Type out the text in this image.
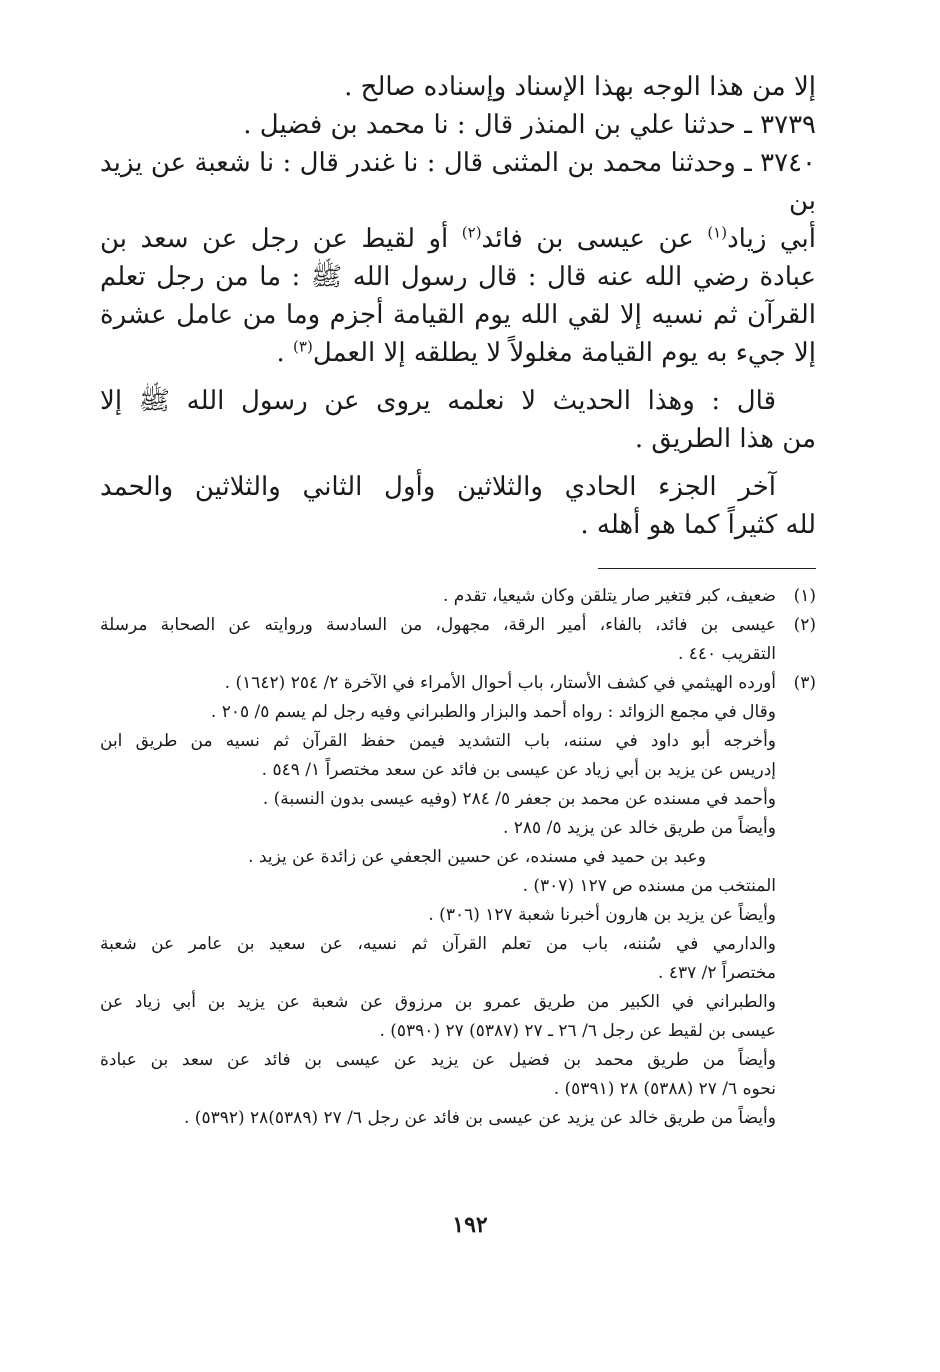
إلا من هذا الوجه بهذا الإسناد وإسناده صالح .

٣٧٣٩ ـ حدثنا علي بن المنذر قال : نا محمد بن فضيل .

٣٧٤٠ ـ وحدثنا محمد بن المثنى قال : نا غندر قال : نا شعبة عن يزيد بن
أبي زياد$^{(١)}$ عن عيسى بن فائد$^{(٢)}$ أو لقيط عن رجل عن سعد بن
عبادة رضي الله عنه قال : قال رسول الله ﷺ : ما من رجل تعلم
القرآن ثم نسيه إلا لقي الله يوم القيامة أجزم وما من عامل عشرة
إلا جيء به يوم القيامة مغلولاً لا يطلقه إلا العمل$^{(٣)}$ .

قال : وهذا الحديث لا نعلمه يروى عن رسول الله ﷺ إلا
من هذا الطريق .

آخر الجزء الحادي والثلاثين وأول الثاني والثلاثين والحمد
لله كثيراً كما هو أهله .

(١)
ضعيف، كبر فتغير صار يتلقن وكان شيعيا، تقدم .
(٢)
عيسى بن فائد، بالفاء، أمير الرقة، مجهول، من السادسة وروايته عن الصحابة مرسلة
التقريب ٤٤٠ .
(٣)
أورده الهيثمي في كشف الأستار، باب أحوال الأمراء في الآخرة ٢/ ٢٥٤ (١٦٤٢) .
وقال في مجمع الزوائد : رواه أحمد والبزار والطبراني وفيه رجل لم يسم ٥/ ٢٠٥ .
وأخرجه أبو داود في سننه، باب التشديد فيمن حفظ القرآن ثم نسيه من طريق ابن
إدريس عن يزيد بن أبي زياد عن عيسى بن فائد عن سعد مختصراً ١/ ٥٤٩ .
وأحمد في مسنده عن محمد بن جعفر ٥/ ٢٨٤ (وفيه عيسى بدون النسبة) .
وأيضاً من طريق خالد عن يزيد ٥/ ٢٨٥ .
وعبد بن حميد في مسنده، عن حسين الجعفي عن زائدة عن يزيد .
المنتخب من مسنده ص ١٢٧ (٣٠٧) .
وأيضاً عن يزيد بن هارون أخبرنا شعبة ١٢٧ (٣٠٦) .
والدارمي في سُننه، باب من تعلم القرآن ثم نسيه، عن سعيد بن عامر عن شعبة
مختصراً ٢/ ٤٣٧ .
والطبراني في الكبير من طريق عمرو بن مرزوق عن شعبة عن يزيد بن أبي زياد عن
عيسى بن لقيط عن رجل ٦/ ٢٦ ـ ٢٧ (٥٣٨٧) ٢٧ (٥٣٩٠) .
وأيضاً من طريق محمد بن فضيل عن يزيد عن عيسى بن فائد عن سعد بن عبادة
نحوه ٦/ ٢٧ (٥٣٨٨) ٢٨ (٥٣٩١) .
وأيضاً من طريق خالد عن يزيد عن عيسى بن فائد عن رجل ٦/ ٢٧ (٥٣٨٩)٢٨ (٥٣٩٢) .
١٩٢
